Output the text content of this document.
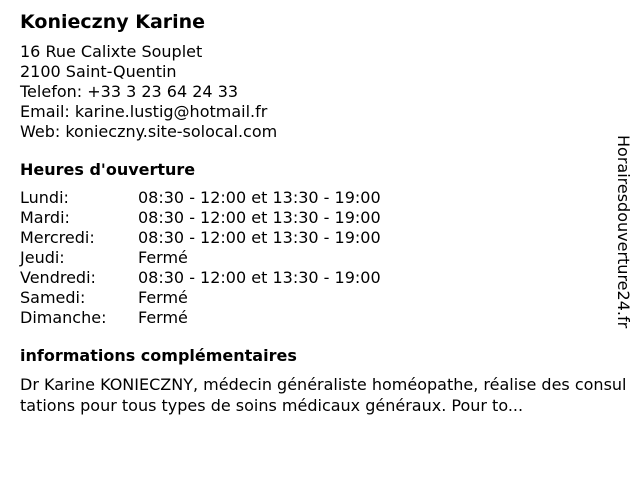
Konieczny Karine
16 Rue Calixte Souplet
2100 Saint-Quentin
Telefon: +33 3 23 64 24 33
Email: karine.lustig@hotmail.fr
Web: konieczny.site-solocal.com
Heures d'ouverture
Lundi:	08:30 - 12:00 et 13:30 - 19:00
Mardi:	08:30 - 12:00 et 13:30 - 19:00
Mercredi:	08:30 - 12:00 et 13:30 - 19:00
Jeudi:	Fermé
Vendredi:	08:30 - 12:00 et 13:30 - 19:00
Samedi:	Fermé
Dimanche:	Fermé
informations complémentaires
Dr Karine KONIECZNY, médecin généraliste homéopathe, réalise des consultations pour tous types de soins médicaux généraux. Pour to...
Horairesdouverture24.fr
